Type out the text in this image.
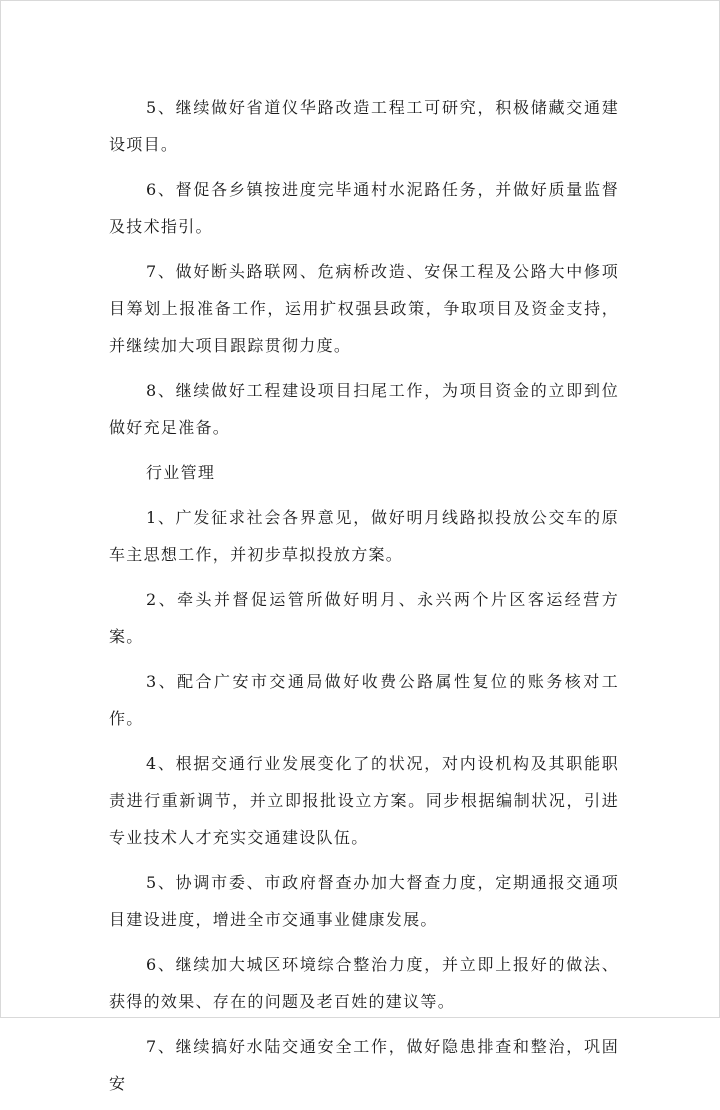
5、继续做好省道仪华路改造工程工可研究，积极储藏交通建设项目。

6、督促各乡镇按进度完毕通村水泥路任务，并做好质量监督及技术指引。

7、做好断头路联网、危病桥改造、安保工程及公路大中修项目筹划上报准备工作，运用扩权强县政策，争取项目及资金支持，并继续加大项目跟踪贯彻力度。

8、继续做好工程建设项目扫尾工作，为项目资金的立即到位做好充足准备。

行业管理

1、广发征求社会各界意见，做好明月线路拟投放公交车的原车主思想工作，并初步草拟投放方案。

2、牵头并督促运管所做好明月、永兴两个片区客运经营方案。

3、配合广安市交通局做好收费公路属性复位的账务核对工作。

4、根据交通行业发展变化了的状况，对内设机构及其职能职责进行重新调节，并立即报批设立方案。同步根据编制状况，引进专业技术人才充实交通建设队伍。

5、协调市委、市政府督查办加大督查力度，定期通报交通项目建设进度，增进全市交通事业健康发展。

6、继续加大城区环境综合整治力度，并立即上报好的做法、获得的效果、存在的问题及老百姓的建议等。

7、继续搞好水陆交通安全工作，做好隐患排查和整治，巩固安
